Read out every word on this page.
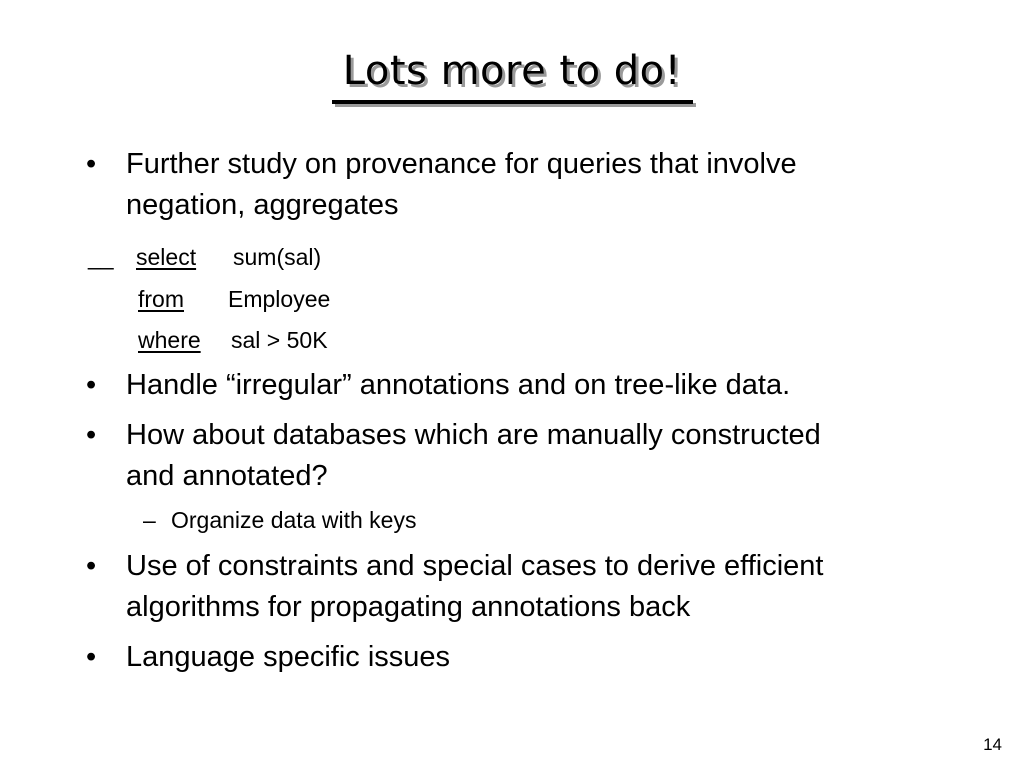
Lots more to do!
• Further study on provenance for queries that involve
negation, aggregates
__ select sum(sal)
from Employee
where sal > 50K
• Handle “irregular” annotations and on tree-like data.
• How about databases which are manually constructed
and annotated?
– Organize data with keys
• Use of constraints and special cases to derive efficient
algorithms for propagating annotations back
• Language specific issues
14
